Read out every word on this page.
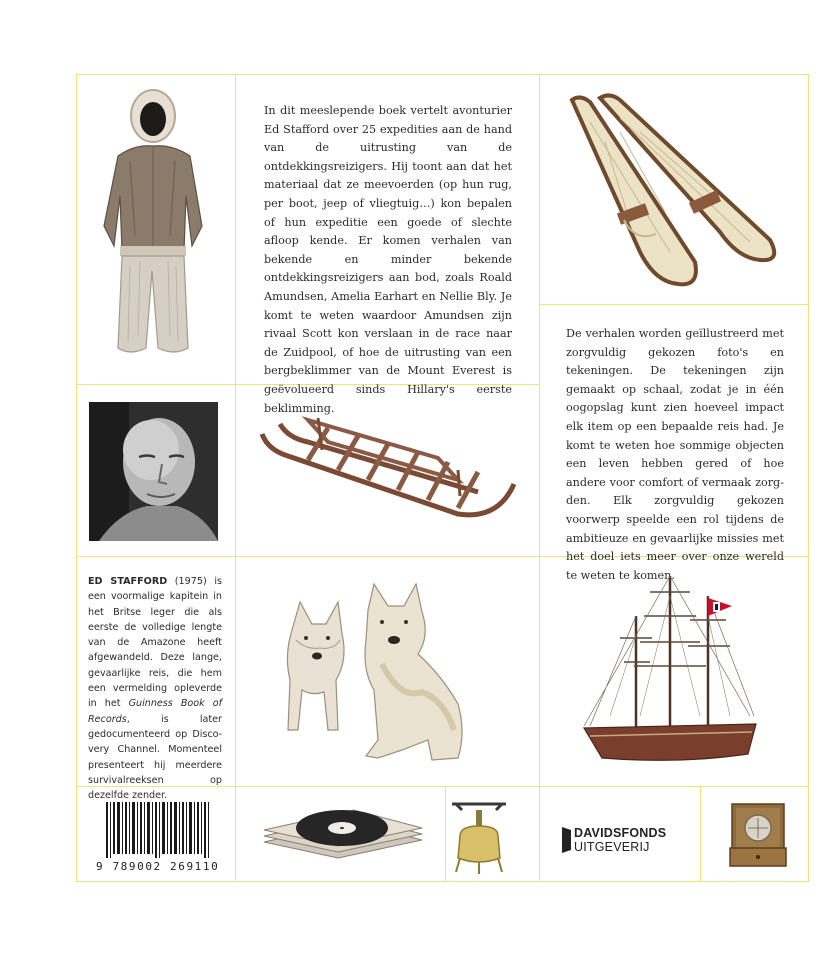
In dit meeslepende boek vertelt avonturier Ed Stafford over 25 expedities aan de hand van de uitrusting van de ontdekkingsreizigers. Hij toont aan dat het materiaal dat ze meevoerden (op hun rug, per boot, jeep of vliegtuig…) kon bepalen of hun expeditie een goede of slechte afloop kende. Er komen verhalen van bekende en minder bekende ontdekkingsreizigers aan bod, zoals Roald Amundsen, Amelia Earhart en Nellie Bly. Je komt te weten waardoor Amundsen zijn rivaal Scott kon verslaan in de race naar de Zuidpool, of hoe de uitrusting van een bergbeklimmer van de Mount Everest is geëvolueerd sinds Hillary's eerste beklimming.

De verhalen worden geïllustreerd met zorgvuldig gekozen foto's en tekeningen. De tekeningen zijn gemaakt op schaal, zodat je in één oogopslag kunt zien hoeveel impact elk item op een bepaalde reis had. Je komt te weten hoe sommige objecten een leven hebben gered of hoe andere voor comfort of vermaak zorgden. Elk zorgvuldig gekozen voorwerp speelde een rol tijdens de ambitieuze en gevaarlijke missies met het doel iets meer over onze wereld te weten te komen.

ED STAFFORD (1975) is een voormalige kapitein in het Britse leger die als eerste de volledige lengte van de Amazone heeft afgewandeld. Deze lange, gevaarlijke reis, die hem een vermelding opleverde in het Guinness Book of Records, is later gedocumenteerd op Discovery Channel. Momenteel presenteert hij meerdere survivalreeksen op dezelfde zender.

9 789002 269110
DAVIDSFONDS
UITGEVERIJ
